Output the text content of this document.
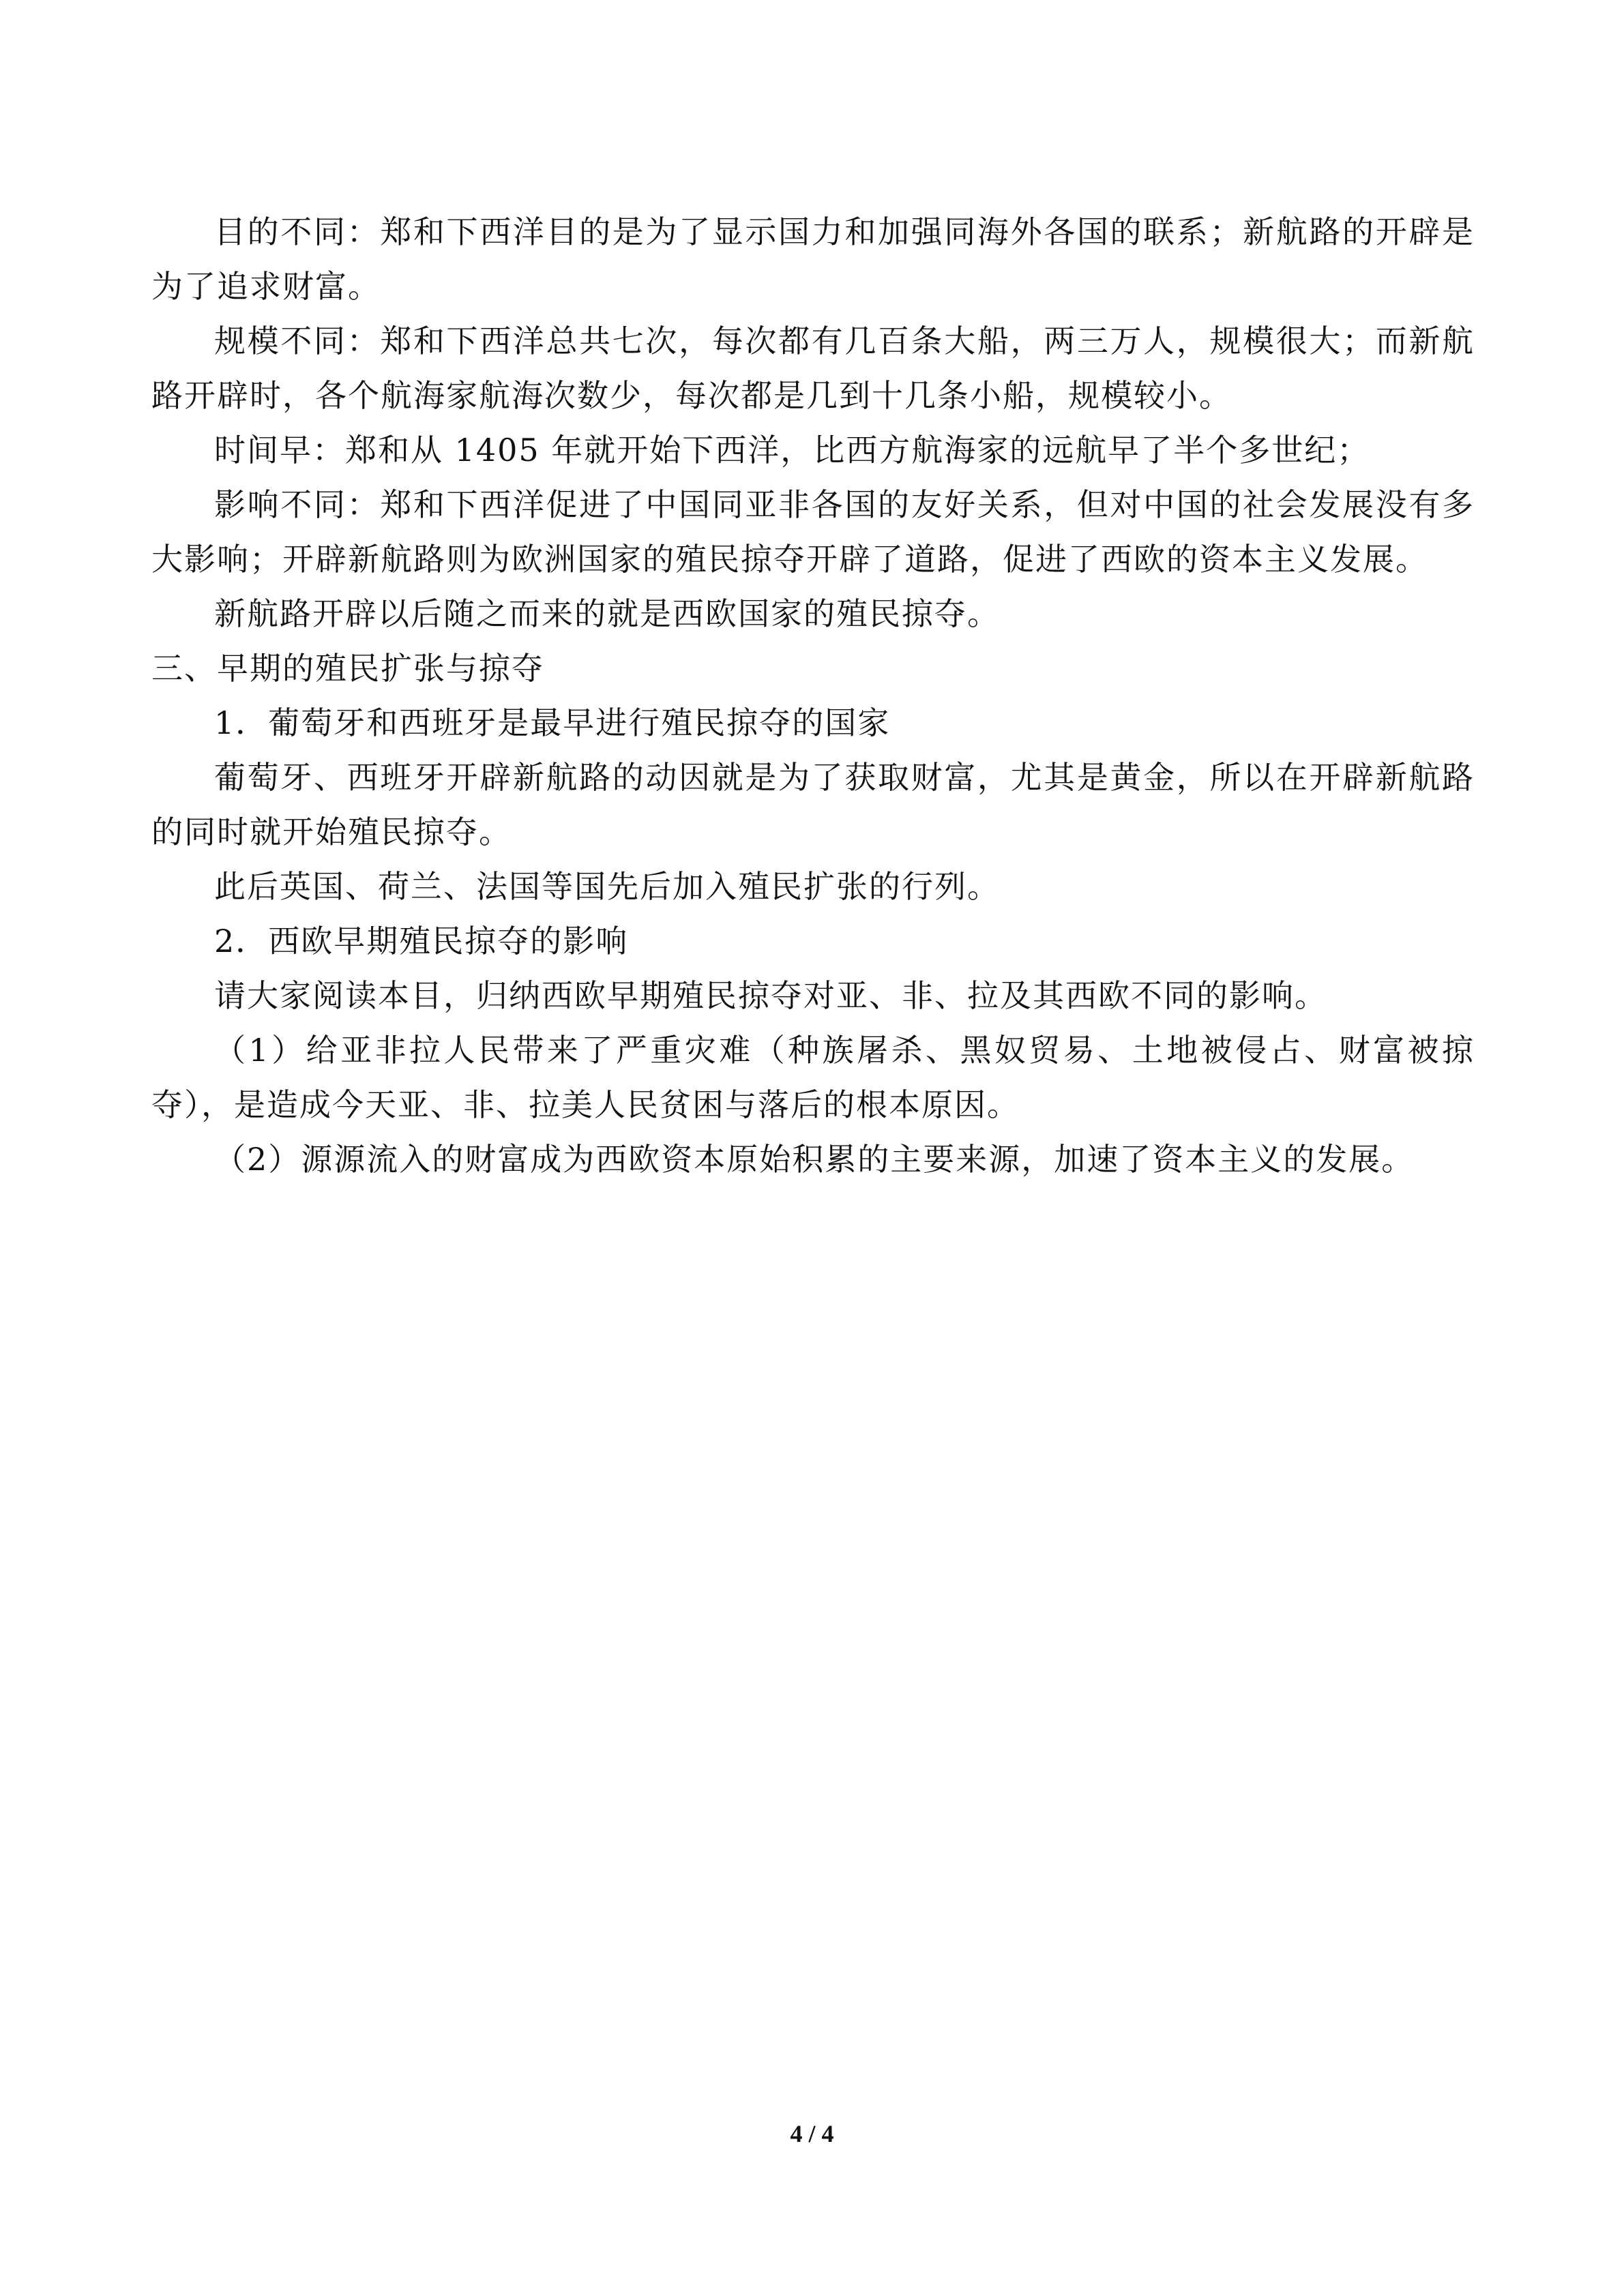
目的不同：郑和下西洋目的是为了显示国力和加强同海外各国的联系；新航路的开辟是为了追求财富。

规模不同：郑和下西洋总共七次，每次都有几百条大船，两三万人，规模很大；而新航路开辟时，各个航海家航海次数少，每次都是几到十几条小船，规模较小。

时间早：郑和从 1405 年就开始下西洋，比西方航海家的远航早了半个多世纪；

影响不同：郑和下西洋促进了中国同亚非各国的友好关系，但对中国的社会发展没有多大影响；开辟新航路则为欧洲国家的殖民掠夺开辟了道路，促进了西欧的资本主义发展。

新航路开辟以后随之而来的就是西欧国家的殖民掠夺。

三、早期的殖民扩张与掠夺

1．葡萄牙和西班牙是最早进行殖民掠夺的国家

葡萄牙、西班牙开辟新航路的动因就是为了获取财富，尤其是黄金，所以在开辟新航路的同时就开始殖民掠夺。

此后英国、荷兰、法国等国先后加入殖民扩张的行列。

2．西欧早期殖民掠夺的影响

请大家阅读本目，归纳西欧早期殖民掠夺对亚、非、拉及其西欧不同的影响。

（1）给亚非拉人民带来了严重灾难（种族屠杀、黑奴贸易、土地被侵占、财富被掠夺），是造成今天亚、非、拉美人民贫困与落后的根本原因。

（2）源源流入的财富成为西欧资本原始积累的主要来源，加速了资本主义的发展。

4 / 4
